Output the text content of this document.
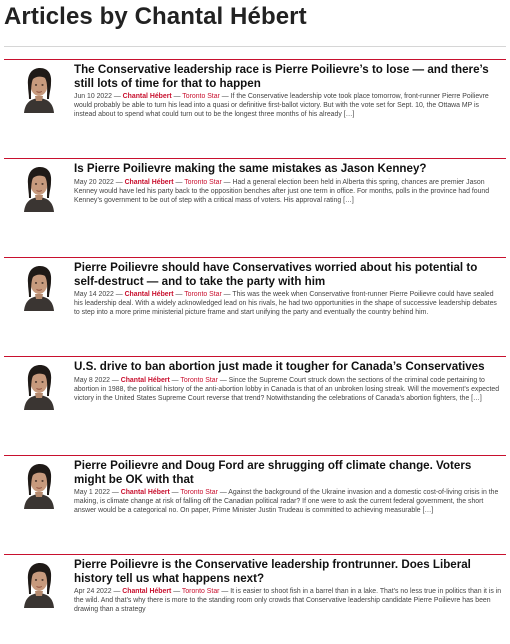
Articles by Chantal Hébert
The Conservative leadership race is Pierre Poilievre’s to lose — and there’s still lots of time for that to happen
Jun 10 2022 — Chantal Hébert — Toronto Star — If the Conservative leadership vote took place tomorrow, front-runner Pierre Poilievre would probably be able to turn his lead into a quasi or definitive first-ballot victory. But with the vote set for Sept. 10, the Ottawa MP is instead about to spend what could turn out to be the longest three months of his already […]
Is Pierre Poilievre making the same mistakes as Jason Kenney?
May 20 2022 — Chantal Hébert — Toronto Star — Had a general election been held in Alberta this spring, chances are premier Jason Kenney would have led his party back to the opposition benches after just one term in office. For months, polls in the province had found Kenney’s government to be out of step with a critical mass of voters. His approval rating […]
Pierre Poilievre should have Conservatives worried about his potential to self-destruct — and to take the party with him
May 14 2022 — Chantal Hébert — Toronto Star — This was the week when Conservative front-runner Pierre Poilievre could have sealed his leadership deal. With a widely acknowledged lead on his rivals, he had two opportunities in the shape of successive leadership debates to step into a more prime ministerial picture frame and start unifying the party and eventually the country behind him.
U.S. drive to ban abortion just made it tougher for Canada’s Conservatives
May 8 2022 — Chantal Hébert — Toronto Star — Since the Supreme Court struck down the sections of the criminal code pertaining to abortion in 1988, the political history of the anti-abortion lobby in Canada is that of an unbroken losing streak. Will the movement’s expected victory in the United States Supreme Court reverse that trend? Notwithstanding the celebrations of Canada’s abortion fighters, the […]
Pierre Poilievre and Doug Ford are shrugging off climate change. Voters might be OK with that
May 1 2022 — Chantal Hébert — Toronto Star — Against the background of the Ukraine invasion and a domestic cost-of-living crisis in the making, is climate change at risk of falling off the Canadian political radar? If one were to ask the current federal government, the short answer would be a categorical no. On paper, Prime Minister Justin Trudeau is committed to achieving measurable […]
Pierre Poilievre is the Conservative leadership frontrunner. Does Liberal history tell us what happens next?
Apr 24 2022 — Chantal Hébert — Toronto Star — It is easier to shoot fish in a barrel than in a lake. That’s no less true in politics than it is in the wild. And that’s why there is more to the standing room only crowds that Conservative leadership candidate Pierre Poilievre has been drawing than a strategy
